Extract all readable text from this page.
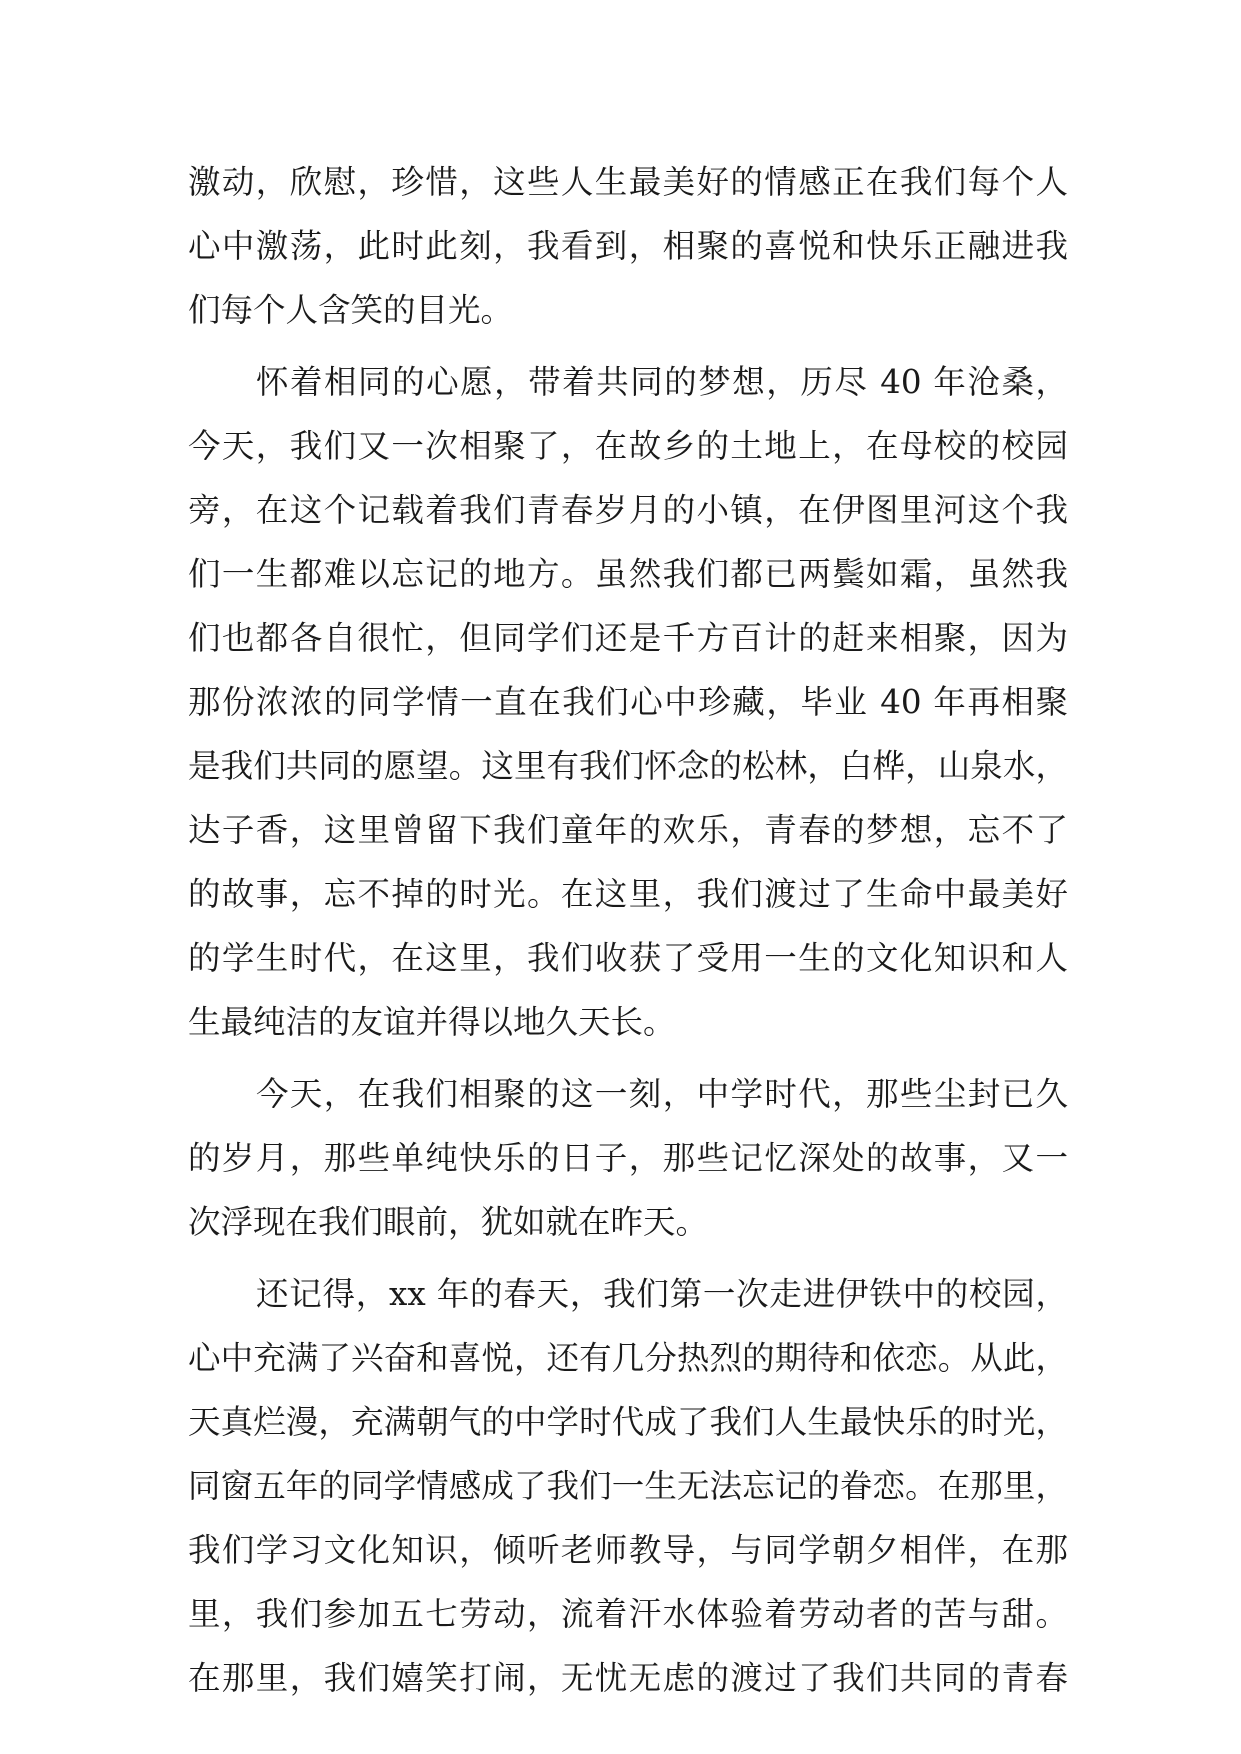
激动，欣慰，珍惜，这些人生最美好的情感正在我们每个人
心中激荡，此时此刻，我看到，相聚的喜悦和快乐正融进我
们每个人含笑的目光。
怀着相同的心愿，带着共同的梦想，历尽 40 年沧桑，
今天，我们又一次相聚了，在故乡的土地上，在母校的校园
旁，在这个记载着我们青春岁月的小镇，在伊图里河这个我
们一生都难以忘记的地方。虽然我们都已两鬓如霜，虽然我
们也都各自很忙，但同学们还是千方百计的赶来相聚，因为
那份浓浓的同学情一直在我们心中珍藏，毕业 40 年再相聚
是我们共同的愿望。这里有我们怀念的松林，白桦，山泉水，
达子香，这里曾留下我们童年的欢乐，青春的梦想，忘不了
的故事，忘不掉的时光。在这里，我们渡过了生命中最美好
的学生时代，在这里，我们收获了受用一生的文化知识和人
生最纯洁的友谊并得以地久天长。
今天，在我们相聚的这一刻，中学时代，那些尘封已久
的岁月，那些单纯快乐的日子，那些记忆深处的故事，又一
次浮现在我们眼前，犹如就在昨天。
还记得，xx 年的春天，我们第一次走进伊铁中的校园，
心中充满了兴奋和喜悦，还有几分热烈的期待和依恋。从此，
天真烂漫，充满朝气的中学时代成了我们人生最快乐的时光，
同窗五年的同学情感成了我们一生无法忘记的眷恋。在那里，
我们学习文化知识，倾听老师教导，与同学朝夕相伴，在那
里，我们参加五七劳动，流着汗水体验着劳动者的苦与甜。
在那里，我们嬉笑打闹，无忧无虑的渡过了我们共同的青春
